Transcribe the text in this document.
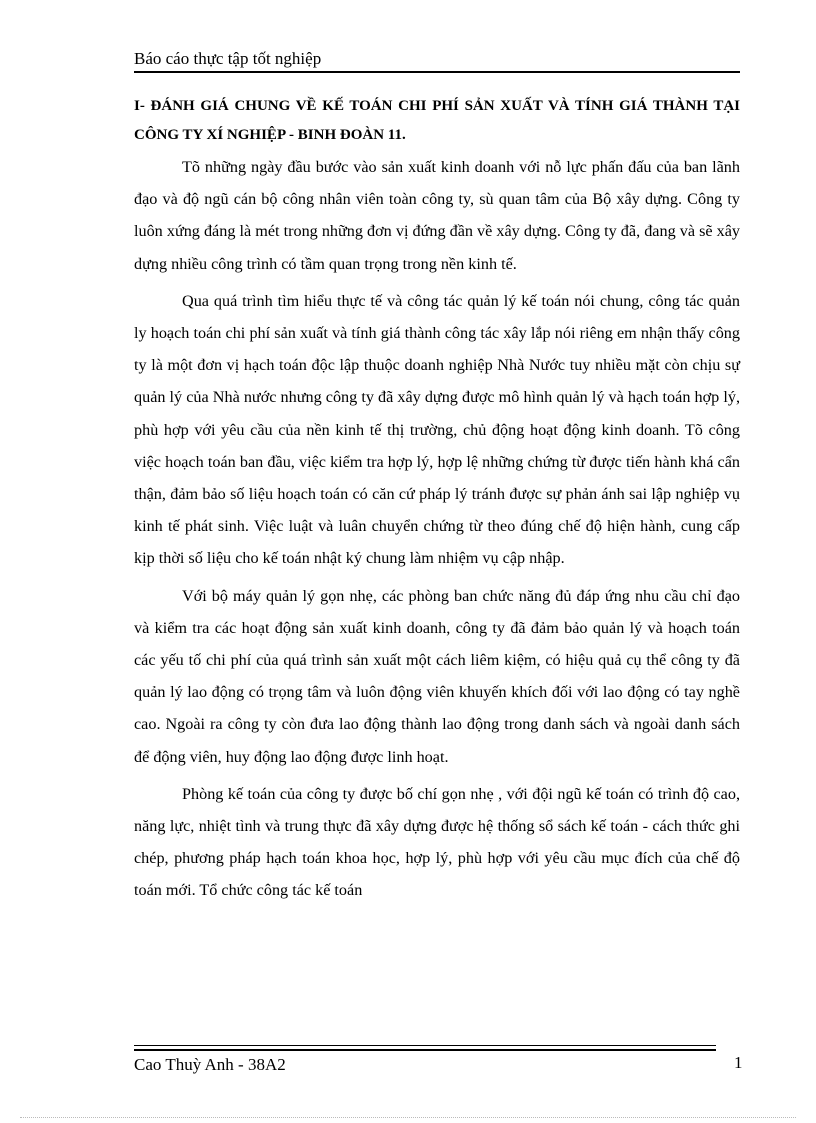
Báo cáo thực tập tốt nghiệp
I- ĐÁNH GIÁ CHUNG VỀ KẾ TOÁN CHI PHÍ SẢN XUẤT VÀ TÍNH GIÁ THÀNH TẠI CÔNG TY XÍ NGHIỆP - BINH ĐOÀN 11.

Tõ những ngày đầu bước vào sản xuất kinh doanh với nỗ lực phấn đấu của ban lãnh đạo và độ ngũ cán bộ công nhân viên toàn công ty, sù quan tâm của Bộ xây dựng. Công ty luôn xứng đáng là mét trong những đơn vị đứng đần về xây dựng. Công ty đã, đang và sẽ xây dựng nhiều công trình có tầm quan trọng trong nền kinh tế.

Qua quá trình tìm hiểu thực tế và công tác quản lý kế toán nói chung, công tác quản ly hoạch toán chi phí sản xuất và tính giá thành công tác xây lắp nói riêng em nhận thấy công ty là một đơn vị hạch toán độc lập thuộc doanh nghiệp Nhà Nước tuy nhiều mặt còn chịu sự quản lý của Nhà nước nhưng công ty đã xây dựng được mô hình quản lý và hạch toán hợp lý, phù hợp với yêu cầu của nền kinh tế thị trường, chủ động hoạt động kinh doanh. Tõ công việc hoạch toán ban đầu, việc kiểm tra hợp lý, hợp lệ những chứng từ được tiến hành khá cẩn thận, đảm bảo số liệu hoạch toán có căn cứ pháp lý tránh được sự phản ánh sai lập nghiệp vụ kinh tế phát sinh. Việc luật và luân chuyển chứng từ theo đúng chế độ hiện hành, cung cấp kịp thời số liệu cho kế toán nhật ký chung làm nhiệm vụ cập nhập.

Với bộ máy quản lý gọn nhẹ, các phòng ban chức năng đủ đáp ứng nhu cầu chỉ đạo và kiểm tra các hoạt động sản xuất kinh doanh, công ty đã đảm bảo quản lý và hoạch toán các yếu tố chi phí của quá trình sản xuất một cách liêm kiệm, có hiệu quả cụ thể công ty đã quản lý lao động có trọng tâm và luôn động viên khuyến khích đối với lao động có tay nghề cao. Ngoài ra công ty còn đưa lao động thành lao động trong danh sách và ngoài danh sách để động viên, huy động lao động được linh hoạt.

Phòng kế toán của công ty được bố chí gọn nhẹ , với đội ngũ kế toán có trình độ cao, năng lực, nhiệt tình và trung thực đã xây dựng được hệ thống sổ sách kế toán - cách thức ghi chép, phương pháp hạch toán khoa học, hợp lý, phù hợp với yêu cầu mục đích của chế độ toán mới. Tổ chức công tác kế toán

Cao Thuỳ Anh - 38A2	1
